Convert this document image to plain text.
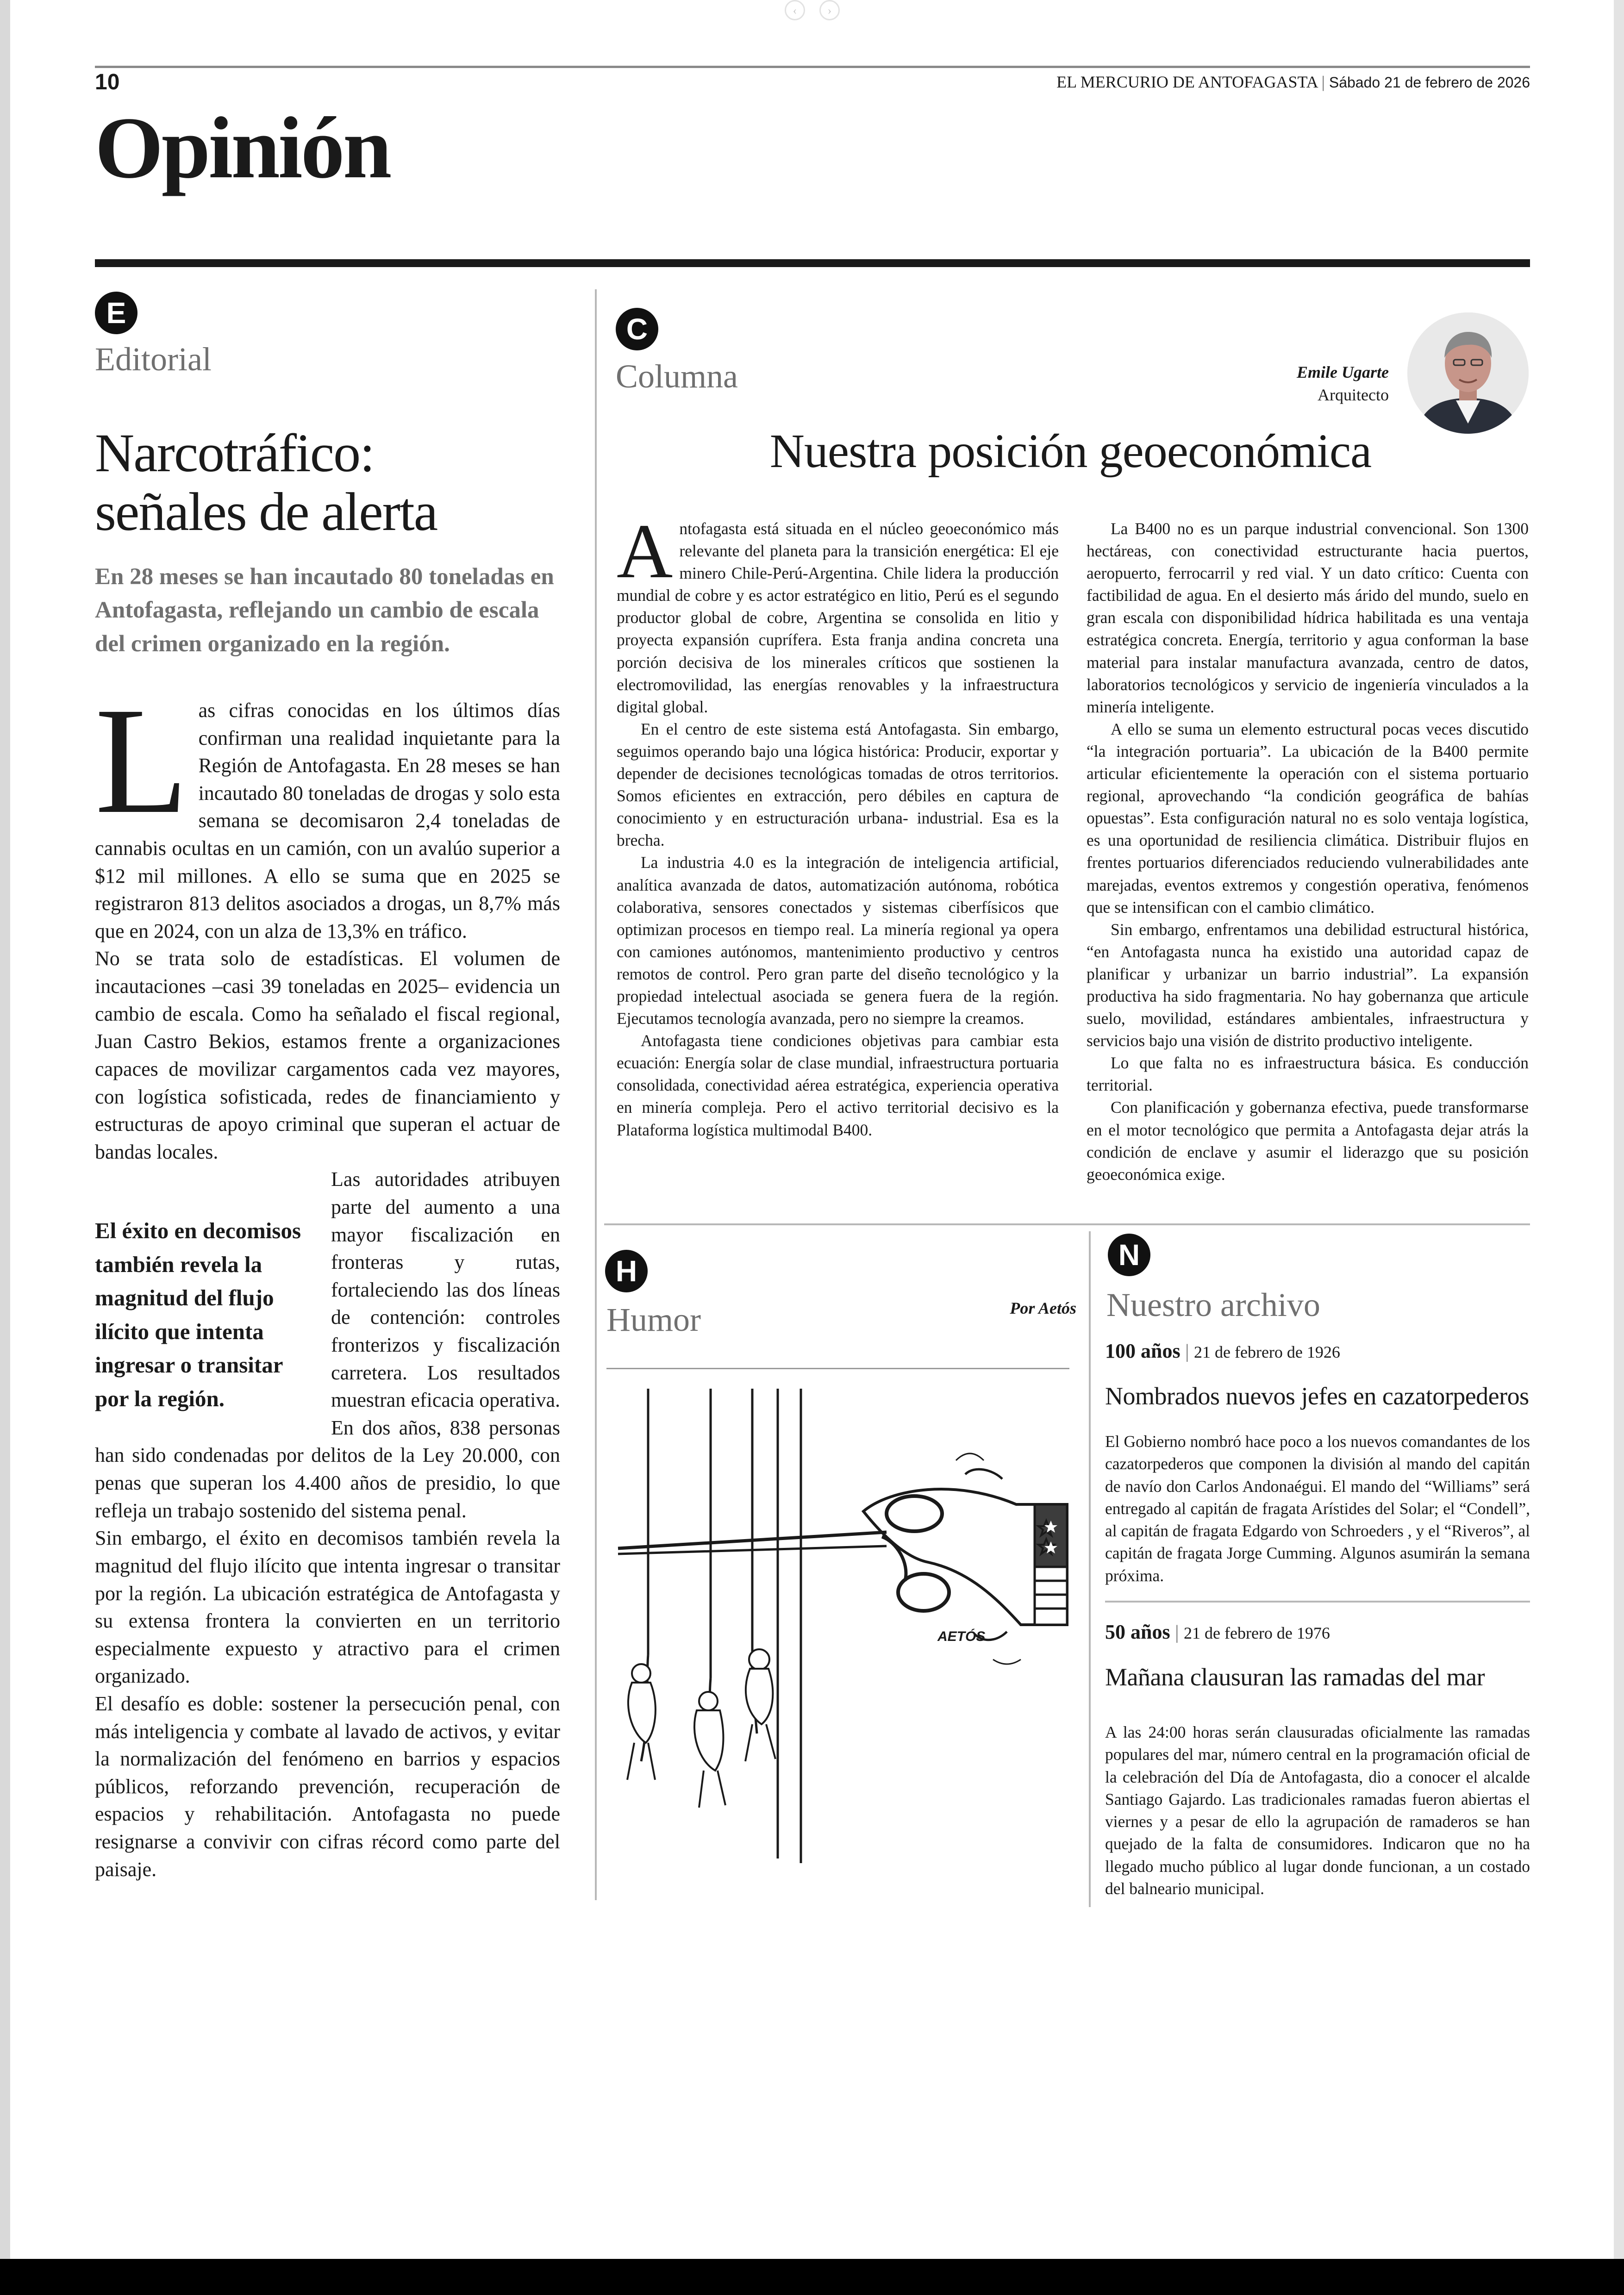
‹	›
10	EL MERCURIO DE ANTOFAGASTA | Sábado 21 de febrero de 2026
Opinión
E
Editorial
Narcotráfico:
señales de alerta
En 28 meses se han incautado 80 toneladas en Antofagasta, reflejando un cambio de escala del crimen organizado en la región.

Las cifras conocidas en los últimos días confirman una realidad inquietante para la Región de Antofagasta. En 28 meses se han incautado 80 toneladas de drogas y solo esta semana se decomisaron 2,4 toneladas de cannabis ocultas en un camión, con un avalúo superior a $12 mil millones. A ello se suma que en 2025 se registraron 813 delitos asociados a drogas, un 8,7% más que en 2024, con un alza de 13,3% en tráfico.

No se trata solo de estadísticas. El volumen de incautaciones –casi 39 toneladas en 2025– evidencia un cambio de escala. Como ha señalado el fiscal regional, Juan Castro Bekios, estamos frente a organizaciones capaces de movilizar cargamentos cada vez mayores, con logística sofisticada, redes de financiamiento y estructuras de apoyo criminal que superan el actuar de bandas locales.

El éxito en decomisos también revela la magnitud del flujo ilícito que intenta ingresar o transitar por la región.

Las autoridades atribuyen parte del aumento a una mayor fiscalización en fronteras y rutas, fortaleciendo las dos líneas de contención: controles fronterizos y fiscalización carretera. Los resultados muestran eficacia operativa. En dos años, 838 personas han sido condenadas por delitos de la Ley 20.000, con penas que superan los 4.400 años de presidio, lo que refleja un trabajo sostenido del sistema penal.

Sin embargo, el éxito en decomisos también revela la magnitud del flujo ilícito que intenta ingresar o transitar por la región. La ubicación estratégica de Antofagasta y su extensa frontera la convierten en un territorio especialmente expuesto y atractivo para el crimen organizado.

El desafío es doble: sostener la persecución penal, con más inteligencia y combate al lavado de activos, y evitar la normalización del fenómeno en barrios y espacios públicos, reforzando prevención, recuperación de espacios y rehabilitación. Antofagasta no puede resignarse a convivir con cifras récord como parte del paisaje.

C
Columna	Emile Ugarte
Arquitecto
Nuestra posición geoeconómica

Antofagasta está situada en el núcleo geoeconómico más relevante del planeta para la transición energética: El eje minero Chile-Perú-Argentina. Chile lidera la producción mundial de cobre y es actor estratégico en litio, Perú es el segundo productor global de cobre, Argentina se consolida en litio y proyecta expansión cuprífera. Esta franja andina concreta una porción decisiva de los minerales críticos que sostienen la electromovilidad, las energías renovables y la infraestructura digital global.

En el centro de este sistema está Antofagasta. Sin embargo, seguimos operando bajo una lógica histórica: Producir, exportar y depender de decisiones tecnológicas tomadas de otros territorios. Somos eficientes en extracción, pero débiles en captura de conocimiento y en estructuración urbana- industrial. Esa es la brecha.

La industria 4.0 es la integración de inteligencia artificial, analítica avanzada de datos, automatización autónoma, robótica colaborativa, sensores conectados y sistemas ciberfísicos que optimizan procesos en tiempo real. La minería regional ya opera con camiones autónomos, mantenimiento productivo y centros remotos de control. Pero gran parte del diseño tecnológico y la propiedad intelectual asociada se genera fuera de la región. Ejecutamos tecnología avanzada, pero no siempre la creamos.

Antofagasta tiene condiciones objetivas para cambiar esta ecuación: Energía solar de clase mundial, infraestructura portuaria consolidada, conectividad aérea estratégica, experiencia operativa en minería compleja. Pero el activo territorial decisivo es la Plataforma logística multimodal B400.

La B400 no es un parque industrial convencional. Son 1300 hectáreas, con conectividad estructurante hacia puertos, aeropuerto, ferrocarril y red vial. Y un dato crítico: Cuenta con factibilidad de agua. En el desierto más árido del mundo, suelo en gran escala con disponibilidad hídrica habilitada es una ventaja estratégica concreta. Energía, territorio y agua conforman la base material para instalar manufactura avanzada, centro de datos, laboratorios tecnológicos y servicio de ingeniería vinculados a la minería inteligente.

A ello se suma un elemento estructural pocas veces discutido “la integración portuaria”. La ubicación de la B400 permite articular eficientemente la operación con el sistema portuario regional, aprovechando “la condición geográfica de bahías opuestas”. Esta configuración natural no es solo ventaja logística, es una oportunidad de resiliencia climática. Distribuir flujos en frentes portuarios diferenciados reduciendo vulnerabilidades ante marejadas, eventos extremos y congestión operativa, fenómenos que se intensifican con el cambio climático.

Sin embargo, enfrentamos una debilidad estructural histórica, “en Antofagasta nunca ha existido una autoridad capaz de planificar y urbanizar un barrio industrial”. La expansión productiva ha sido fragmentaria. No hay gobernanza que articule suelo, movilidad, estándares ambientales, infraestructura y servicios bajo una visión de distrito productivo inteligente.

Lo que falta no es infraestructura básica. Es conducción territorial.

Con planificación y gobernanza efectiva, puede transformarse en el motor tecnológico que permita a Antofagasta dejar atrás la condición de enclave y asumir el liderazgo que su posición geoeconómica exige.

H
Humor	Por Aetós
AETÓS
N
Nuestro archivo
100 años | 21 de febrero de 1926
Nombrados nuevos jefes en cazatorpederos
El Gobierno nombró hace poco a los nuevos comandantes de los cazatorpederos que componen la división al mando del capitán de navío don Carlos Andonaégui. El mando del “Williams” será entregado al capitán de fragata Arístides del Solar; el “Condell”, al capitán de fragata Edgardo von Schroeders , y el “Riveros”, al capitán de fragata Jorge Cumming. Algunos asumirán la semana próxima.
50 años | 21 de febrero de 1976
Mañana clausuran las ramadas del mar
A las 24:00 horas serán clausuradas oficialmente las ramadas populares del mar, número central en la programación oficial de la celebración del Día de Antofagasta, dio a conocer el alcalde Santiago Gajardo. Las tradicionales ramadas fueron abiertas el viernes y a pesar de ello la agrupación de ramaderos se han quejado de la falta de consumidores. Indicaron que no ha llegado mucho público al lugar donde funcionan, a un costado del balneario municipal.
